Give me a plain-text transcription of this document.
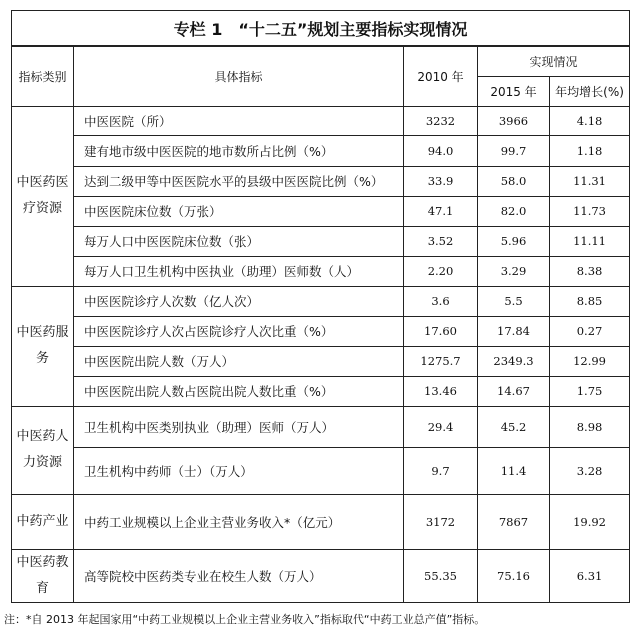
专栏 1　“十二五”规划主要指标实现情况				
指标类别	具体指标	2010 年	实现情况	
			2015 年	年均增长(%)
中医药医疗资源	中医医院（所）	3232	3966	4.18
	建有地市级中医医院的地市数所占比例（%）	94.0	99.7	1.18
	达到二级甲等中医医院水平的县级中医医院比例（%）	33.9	58.0	11.31
	中医医院床位数（万张）	47.1	82.0	11.73
	每万人口中医医院床位数（张）	3.52	5.96	11.11
	每万人口卫生机构中医执业（助理）医师数（人）	2.20	3.29	8.38
中医药服务	中医医院诊疗人次数（亿人次）	3.6	5.5	8.85
	中医医院诊疗人次占医院诊疗人次比重（%）	17.60	17.84	0.27
	中医医院出院人数（万人）	1275.7	2349.3	12.99
	中医医院出院人数占医院出院人数比重（%）	13.46	14.67	1.75
中医药人力资源	卫生机构中医类别执业（助理）医师（万人）	29.4	45.2	8.98
	卫生机构中药师（士）（万人）	9.7	11.4	3.28
中药产业	中药工业规模以上企业主营业务收入*（亿元）	3172	7867	19.92
中医药教育	高等院校中医药类专业在校生人数（万人）	55.35	75.16	6.31
注：*自 2013 年起国家用“中药工业规模以上企业主营业务收入”指标取代“中药工业总产值”指标。
